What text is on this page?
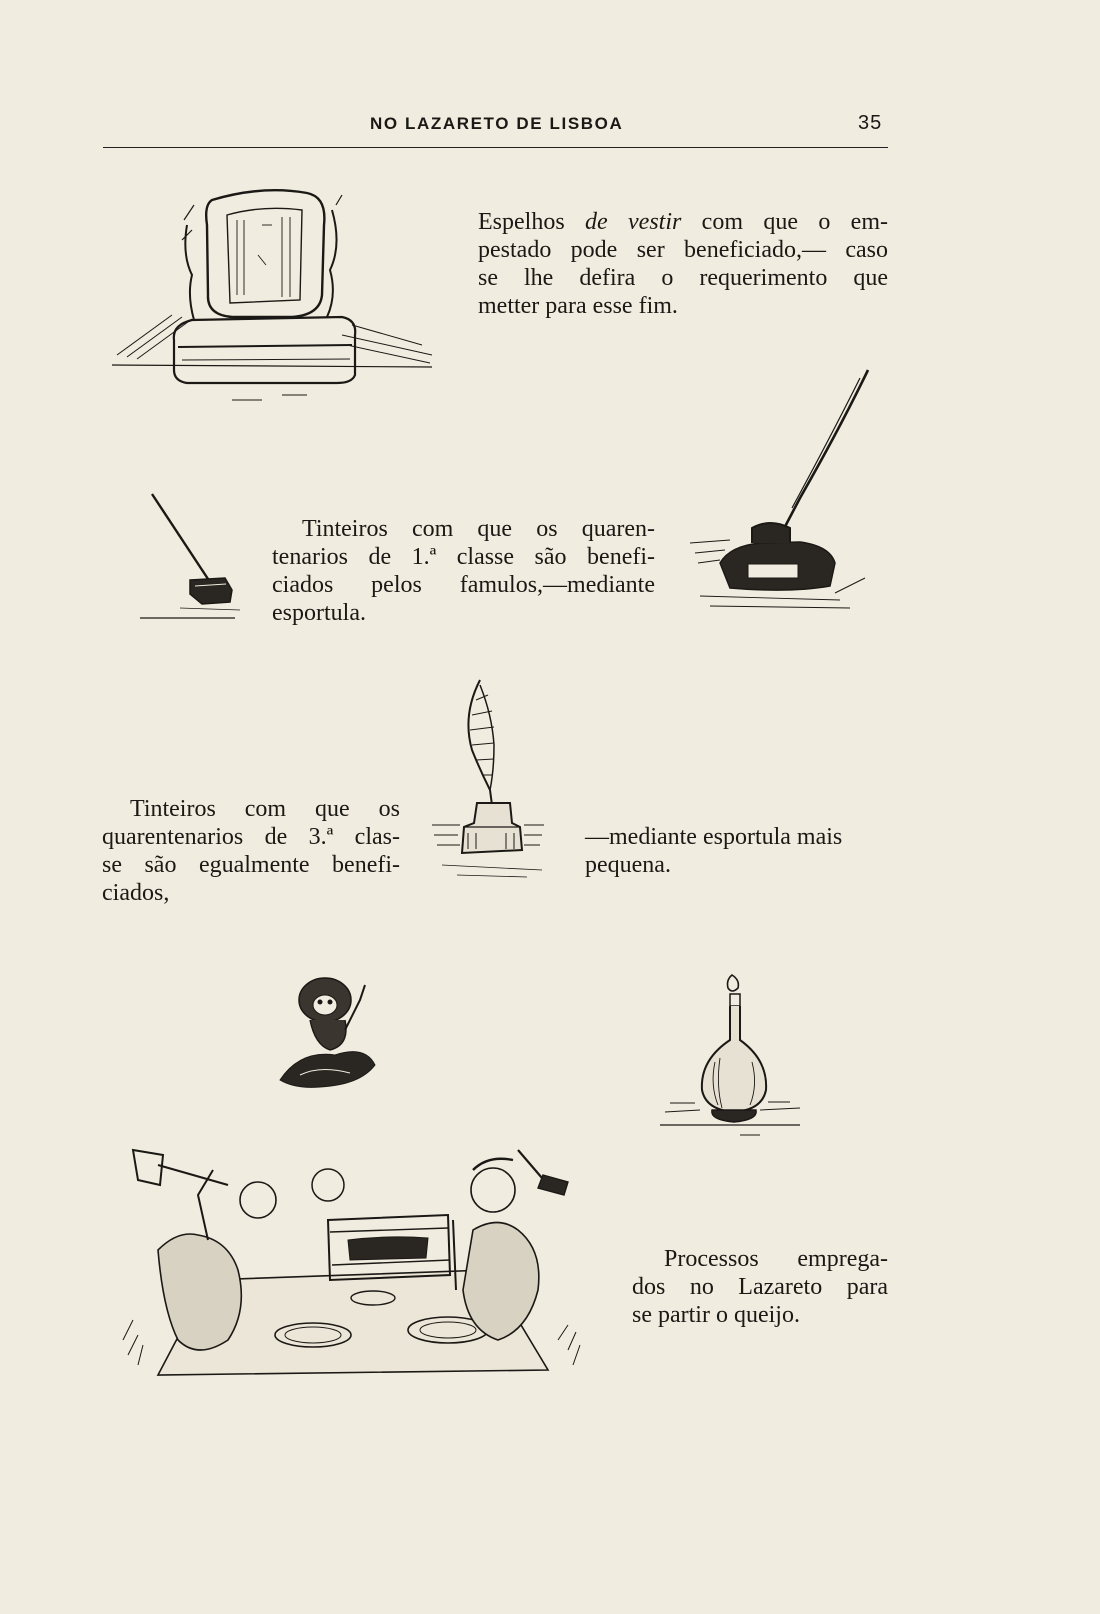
NO LAZARETO DE LISBOA	35
Espelhos de vestir com que o em-
pestado pode ser beneficiado,— caso
se lhe defira o requerimento que
metter para esse fim.
Tinteiros com que os quaren-
tenarios de 1.ª classe são benefi-
ciados pelos famulos,—mediante
esportula.
Tinteiros com que os
quarentenarios de 3.ª clas-
se são egualmente benefi-
ciados,
—mediante esportula mais
pequena.
Processos emprega-
dos no Lazareto para
se partir o queijo.
